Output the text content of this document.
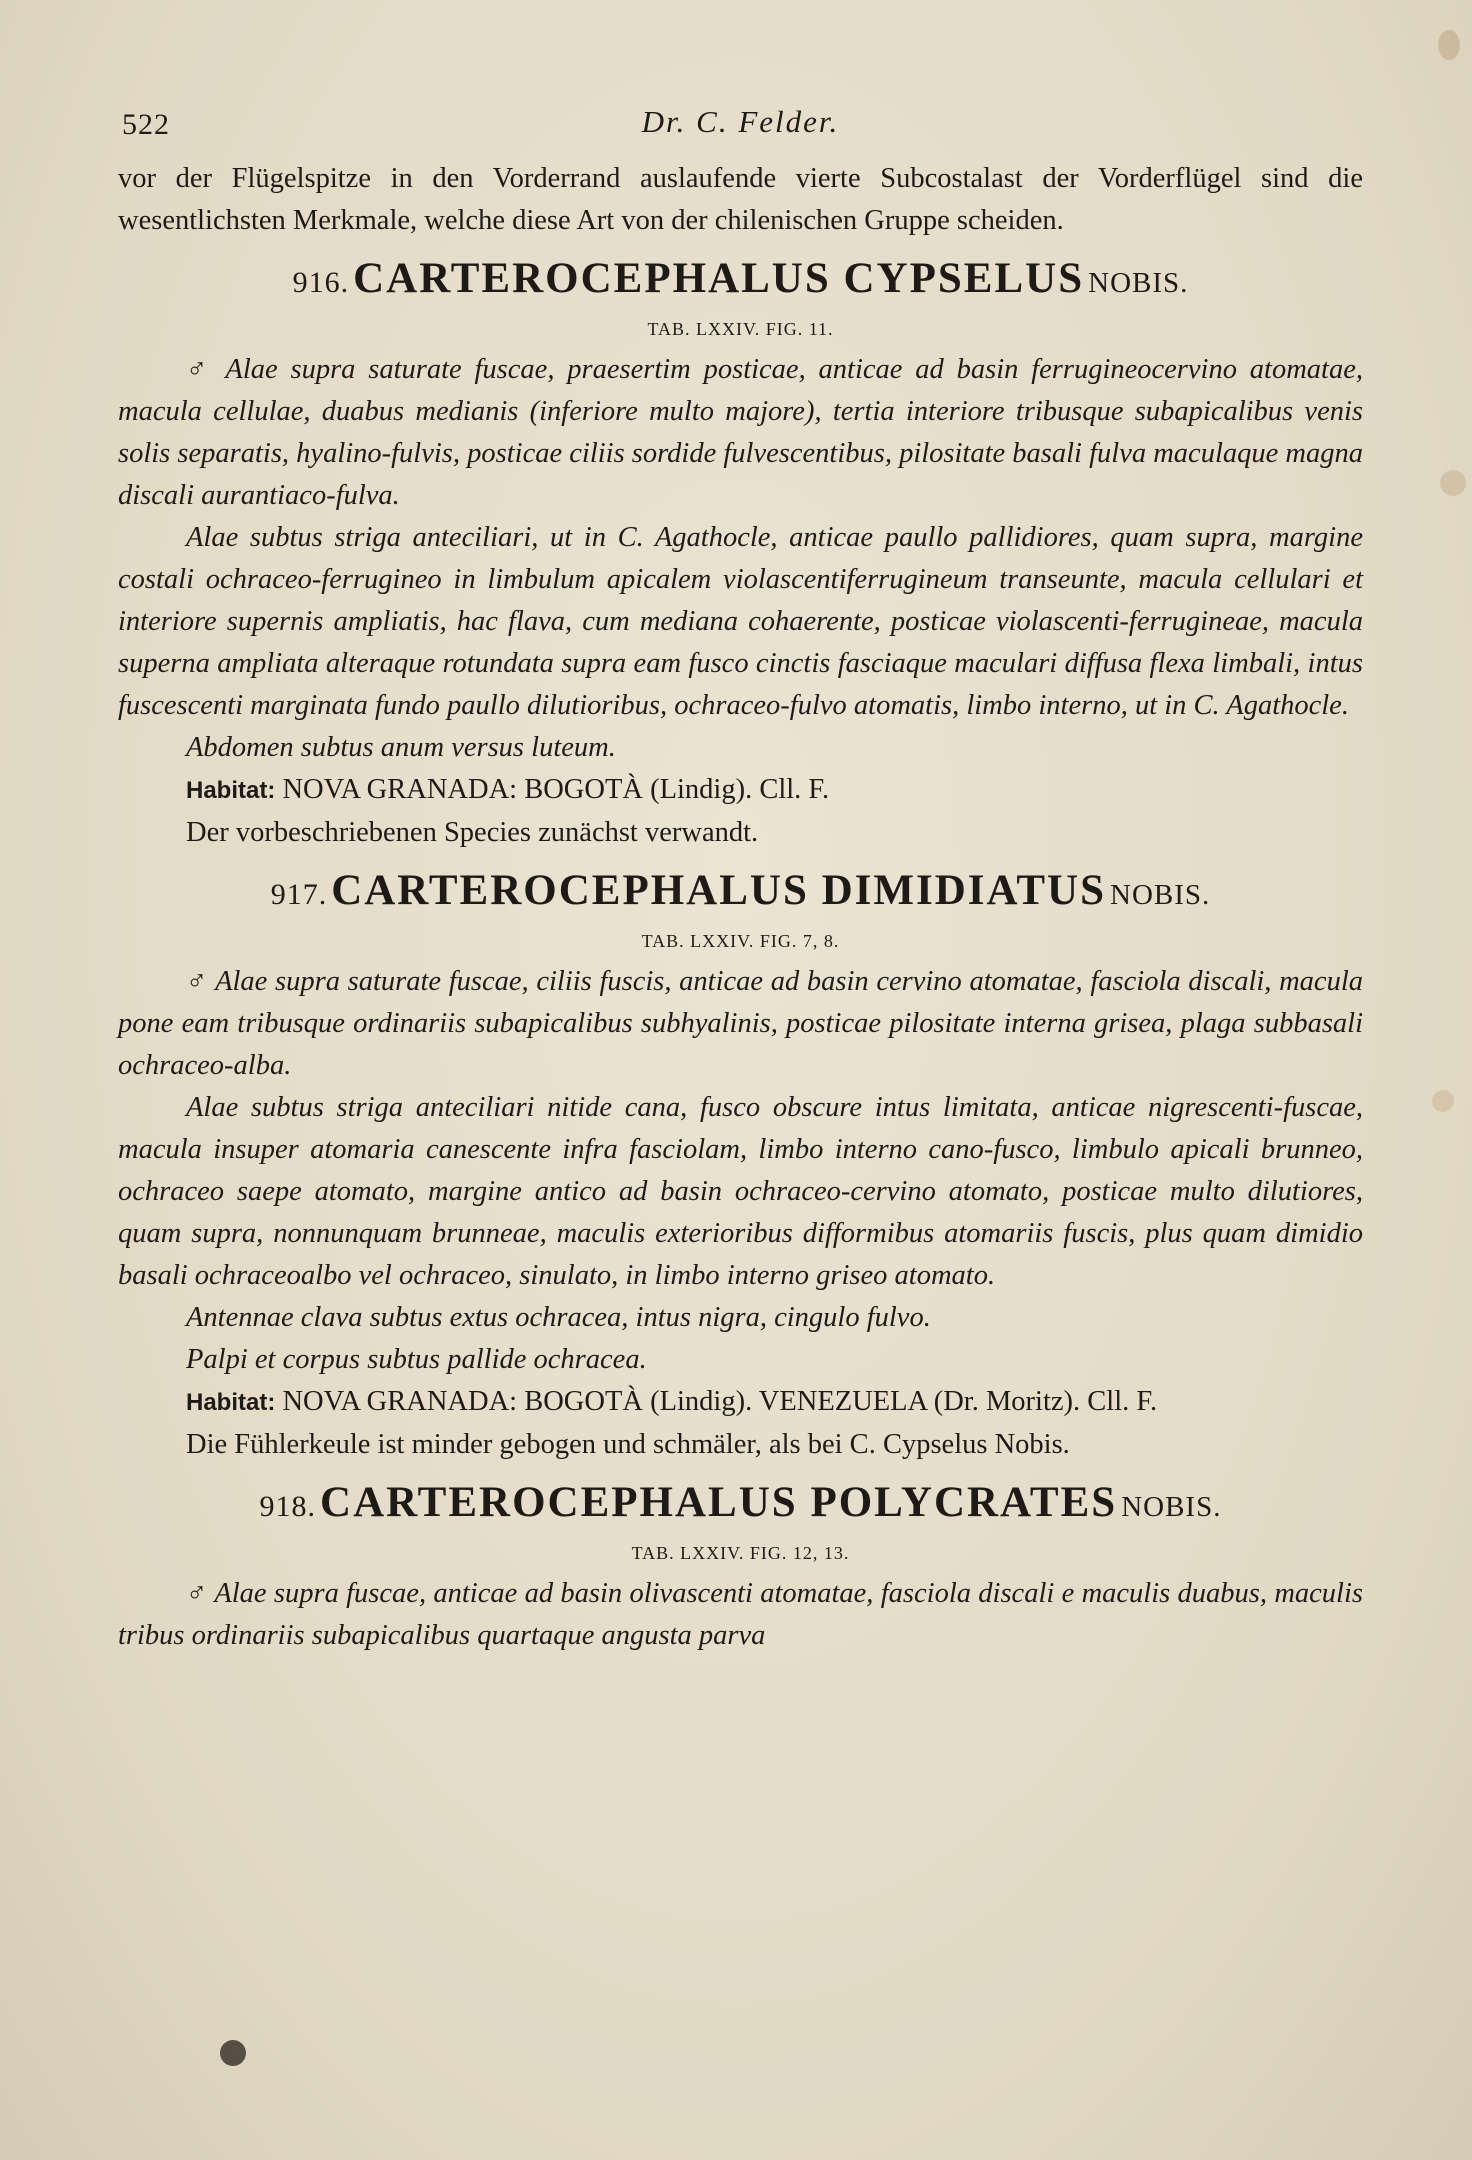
522	Dr. C. Felder.

vor der Flügelspitze in den Vorderrand auslaufende vierte Subcostalast der Vorderflügel sind die wesentlichsten Merkmale, welche diese Art von der chilenischen Gruppe scheiden.

916. CARTEROCEPHALUS CYPSELUS NOBIS.
TAB. LXXIV. FIG. 11.

♂ Alae supra saturate fuscae, praesertim posticae, anticae ad basin ferrugineocervino atomatae, macula cellulae, duabus medianis (inferiore multo majore), tertia interiore tribusque subapicalibus venis solis separatis, hyalino-fulvis, posticae ciliis sordide fulvescentibus, pilositate basali fulva maculaque magna discali aurantiaco-fulva.

Alae subtus striga anteciliari, ut in C. Agathocle, anticae paullo pallidiores, quam supra, margine costali ochraceo-ferrugineo in limbulum apicalem violascentiferrugineum transeunte, macula cellulari et interiore supernis ampliatis, hac flava, cum mediana cohaerente, posticae violascenti-ferrugineae, macula superna ampliata alteraque rotundata supra eam fusco cinctis fasciaque maculari diffusa flexa limbali, intus fuscescenti marginata fundo paullo dilutioribus, ochraceo-fulvo atomatis, limbo interno, ut in C. Agathocle.

Abdomen subtus anum versus luteum.

Habitat: NOVA GRANADA: BOGOTÀ (Lindig). Cll. F.

Der vorbeschriebenen Species zunächst verwandt.

917. CARTEROCEPHALUS DIMIDIATUS NOBIS.
TAB. LXXIV. FIG. 7, 8.

♂ Alae supra saturate fuscae, ciliis fuscis, anticae ad basin cervino atomatae, fasciola discali, macula pone eam tribusque ordinariis subapicalibus subhyalinis, posticae pilositate interna grisea, plaga subbasali ochraceo-alba.

Alae subtus striga anteciliari nitide cana, fusco obscure intus limitata, anticae nigrescenti-fuscae, macula insuper atomaria canescente infra fasciolam, limbo interno cano-fusco, limbulo apicali brunneo, ochraceo saepe atomato, margine antico ad basin ochraceo-cervino atomato, posticae multo dilutiores, quam supra, nonnunquam brunneae, maculis exterioribus difformibus atomariis fuscis, plus quam dimidio basali ochraceoalbo vel ochraceo, sinulato, in limbo interno griseo atomato.

Antennae clava subtus extus ochracea, intus nigra, cingulo fulvo.

Palpi et corpus subtus pallide ochracea.

Habitat: NOVA GRANADA: BOGOTÀ (Lindig). VENEZUELA (Dr. Moritz). Cll. F.

Die Fühlerkeule ist minder gebogen und schmäler, als bei C. Cypselus Nobis.

918. CARTEROCEPHALUS POLYCRATES NOBIS.
TAB. LXXIV. FIG. 12, 13.

♂ Alae supra fuscae, anticae ad basin olivascenti atomatae, fasciola discali e maculis duabus, maculis tribus ordinariis subapicalibus quartaque angusta parva
